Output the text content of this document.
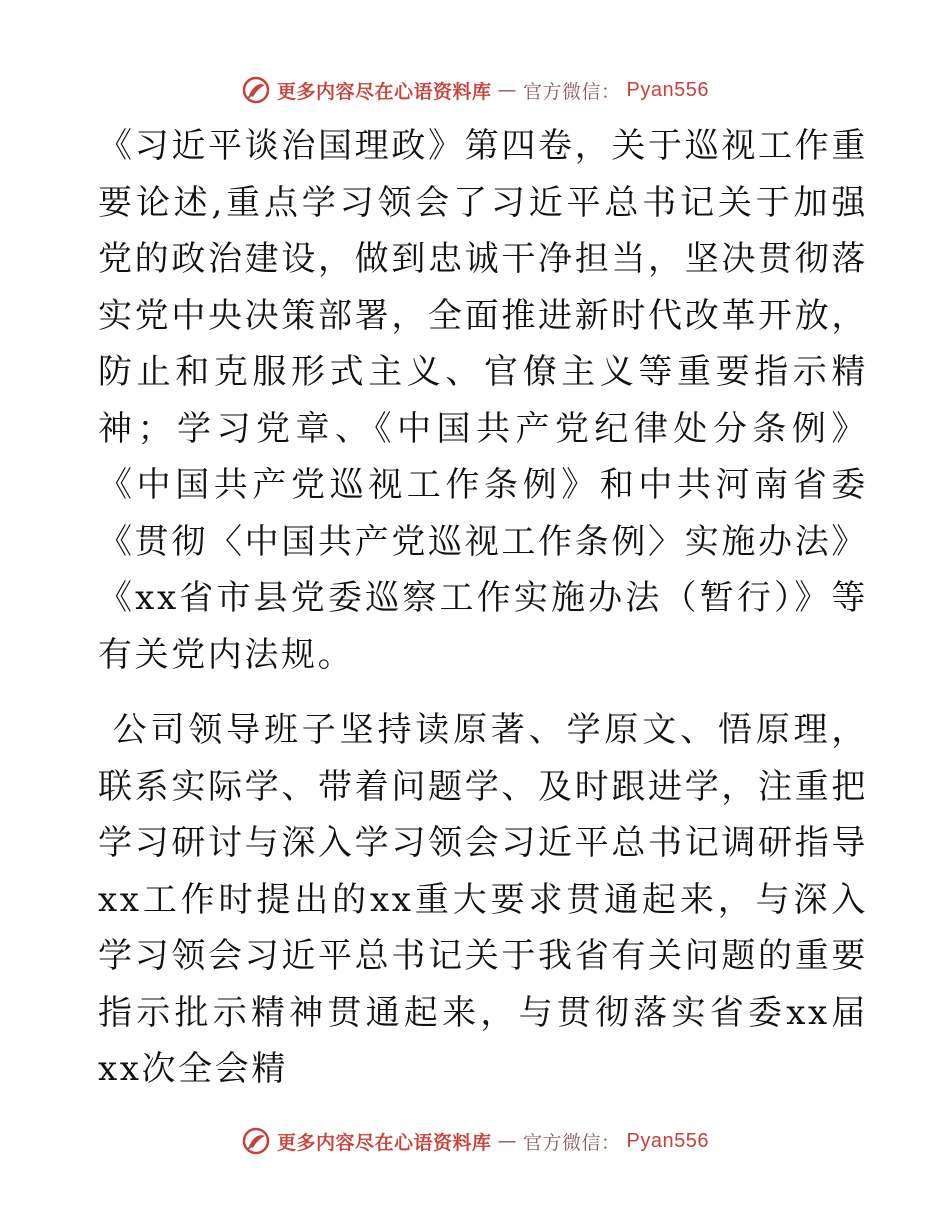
更多内容尽在心语资料库 — 官方微信： Pyan556

《习近平谈治国理政》第四卷，关于巡视工作重要论述,重点学习领会了习近平总书记关于加强党的政治建设，做到忠诚干净担当，坚决贯彻落实党中央决策部署，全面推进新时代改革开放，防止和克服形式主义、官僚主义等重要指示精神；学习党章、《中国共产党纪律处分条例》《中国共产党巡视工作条例》和中共河南省委《贯彻〈中国共产党巡视工作条例〉实施办法》《xx省市县党委巡察工作实施办法（暂行）》等有关党内法规。

公司领导班子坚持读原著、学原文、悟原理，联系实际学、带着问题学、及时跟进学，注重把学习研讨与深入学习领会习近平总书记调研指导xx工作时提出的xx重大要求贯通起来，与深入学习领会习近平总书记关于我省有关问题的重要指示批示精神贯通起来，与贯彻落实省委xx届xx次全会精

更多内容尽在心语资料库 — 官方微信： Pyan556
